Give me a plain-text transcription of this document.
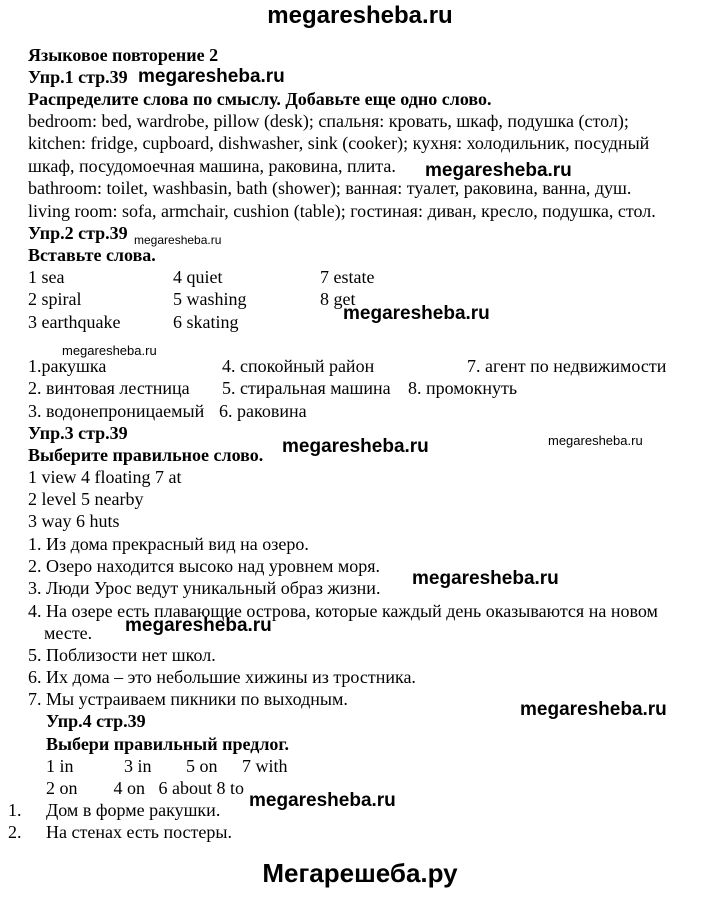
megaresheba.ru
Мегарешеба.ру
Языковое повторение 2
Упр.1 стр.39 megaresheba.ru
Распределите слова по смыслу. Добавьте еще одно слово.
bedroom: bed, wardrobe, pillow (desk); спальня: кровать, шкаф, подушка (стол);
kitchen: fridge, cupboard, dishwasher, sink (cooker); кухня: холодильник, посудный
шкаф, посудомоечная машина, раковина, плита. megaresheba.ru
bathroom: toilet, washbasin, bath (shower); ванная: туалет, раковина, ванна, душ.
living room: sofa, armchair, cushion (table); гостиная: диван, кресло, подушка, стол.
Упр.2 стр.39 megaresheba.ru
Вставьте слова.
1 sea	4 quiet	7 estate
2 spiral	5 washing	8 get
3 earthquake	6 skating	megaresheba.ru
megaresheba.ru
1.ракушка	4. спокойный район	7. агент по недвижимости
2. винтовая лестница 5. стиральная машина 8. промокнуть
3. водонепроницаемый 6. раковина
Упр.3 стр.39
megaresheba.ru	megaresheba.ru
Выберите правильное слово.
1 view 4 floating 7 at
2 level 5 nearby
3 way 6 huts
1. Из дома прекрасный вид на озеро.
2. Озеро находится высоко над уровнем моря.
3. Люди Урос ведут уникальный образ жизни. megaresheba.ru
4. На озере есть плавающие острова, которые каждый день оказываются на новом
месте. megaresheba.ru
5. Поблизости нет школ.
6. Их дома – это небольшие хижины из тростника.
7. Мы устраиваем пикники по выходным.
Упр.4 стр.39
megaresheba.ru
Выбери правильный предлог.
1 in	3 in 5 on 7 with
2 on        4 on   6 about 8 to
1. Дом в форме ракушки. megaresheba.ru
2. На стенах есть постеры.
